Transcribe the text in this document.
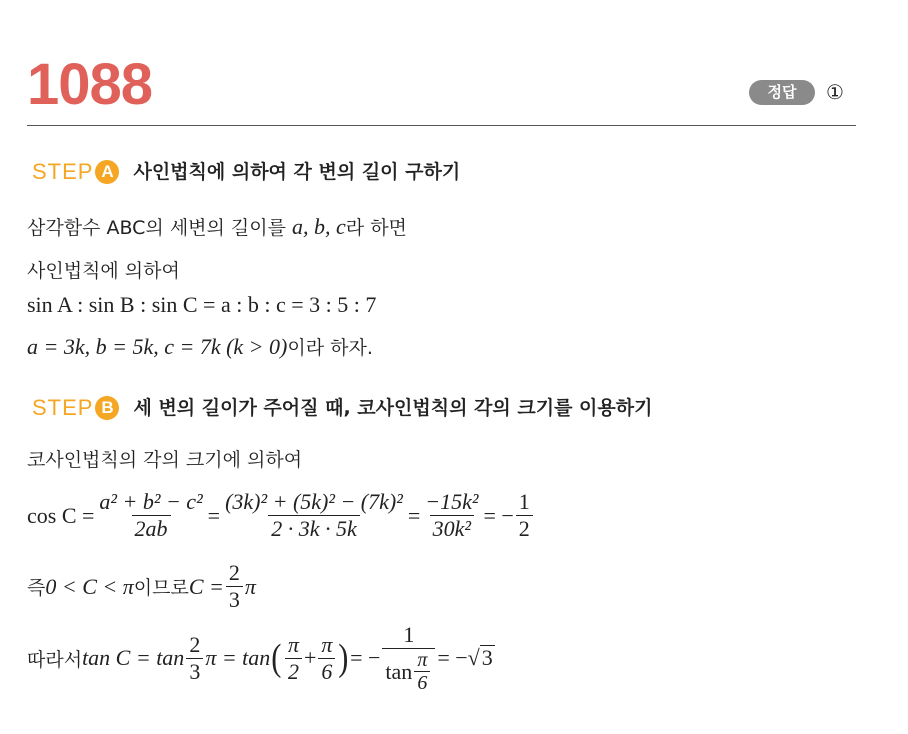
1088	정답	①
STEP A	사인법칙에 의하여 각 변의 길이 구하기
삼각함수 ABC의 세변의 길이를 a, b, c라 하면
사인법칙에 의하여
sin A : sin B : sin C = a : b : c = 3 : 5 : 7
a = 3k, b = 5k, c = 7k (k > 0)이라 하자.
STEP B	세 변의 길이가 주어질 때, 코사인법칙의 각의 크기를 이용하기
코사인법칙의 각의 크기에 의하여
$\cos C = \frac{\text{a² + b² − c²}}{2ab} = \frac{\text{(3k)² + (5k)² − (7k)²}}{2 \cdot 3k \cdot 5k} = \frac{\text{−15k²}}{\text{30k²}}$ = − $\frac{1}{2}$
즉 0 < C < π 이므로 $C = \frac{2}{3}$ π
따라서 $\tan C = \tan \frac{2}{3}$ π = tan ( $\frac{\pi}{2} + \frac{\pi}{6}$ ) = − $\frac{1}{\tan \frac{\pi}{6}}$ = − √ 3
